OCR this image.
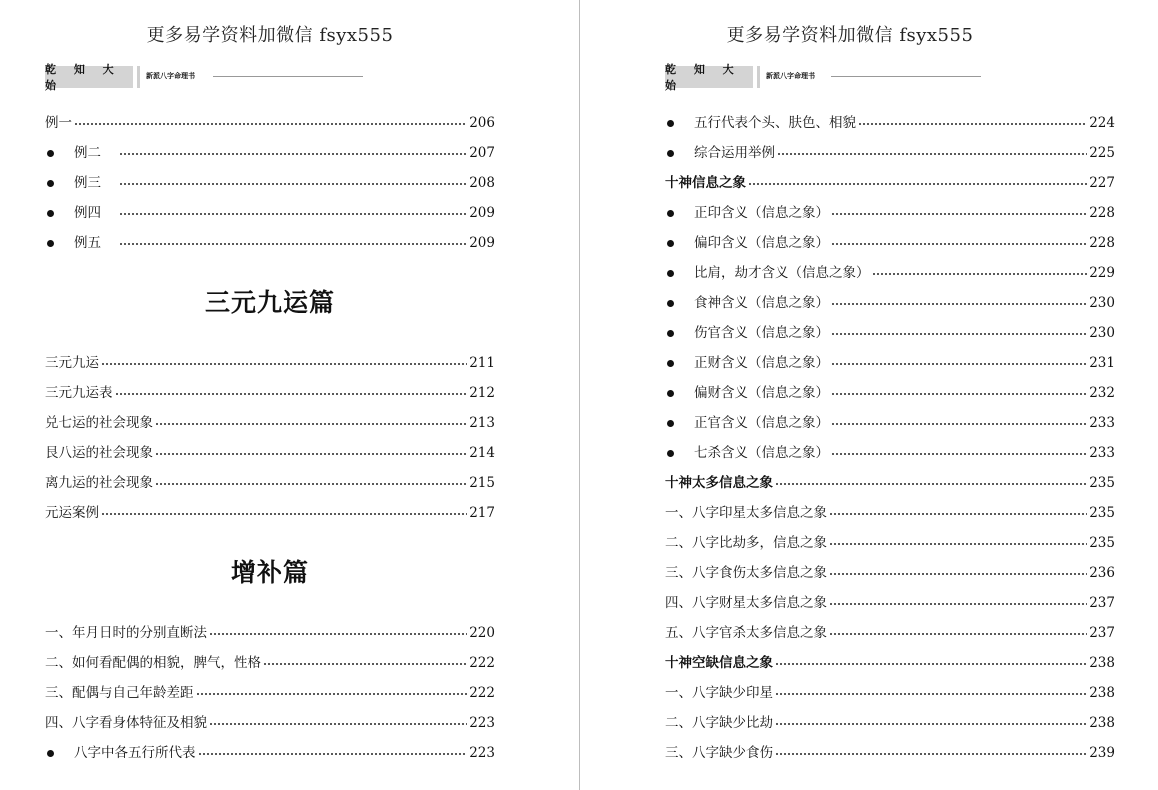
更多易学资料加微信 fsyx555
乾 知 大 始
新派八字命理书
例一	206
例二	207
例三	208
例四	209
例五	209
三元九运篇
三元九运	211
三元九运表	212
兑七运的社会现象	213
艮八运的社会现象	214
离九运的社会现象	215
元运案例	217
增补篇
一、年月日时的分别直断法	220
二、如何看配偶的相貌，脾气，性格	222
三、配偶与自己年龄差距	222
四、八字看身体特征及相貌	223
八字中各五行所代表	223
更多易学资料加微信 fsyx555
乾 知 大 始
新派八字命理书
五行代表个头、肤色、相貌	224
综合运用举例	225
十神信息之象	227
正印含义（信息之象）	228
偏印含义（信息之象）	228
比肩，劫才含义（信息之象）	229
食神含义（信息之象）	230
伤官含义（信息之象）	230
正财含义（信息之象）	231
偏财含义（信息之象）	232
正官含义（信息之象）	233
七杀含义（信息之象）	233
十神太多信息之象	235
一、八字印星太多信息之象	235
二、八字比劫多，信息之象	235
三、八字食伤太多信息之象	236
四、八字财星太多信息之象	237
五、八字官杀太多信息之象	237
十神空缺信息之象	238
一、八字缺少印星	238
二、八字缺少比劫	238
三、八字缺少食伤	239
